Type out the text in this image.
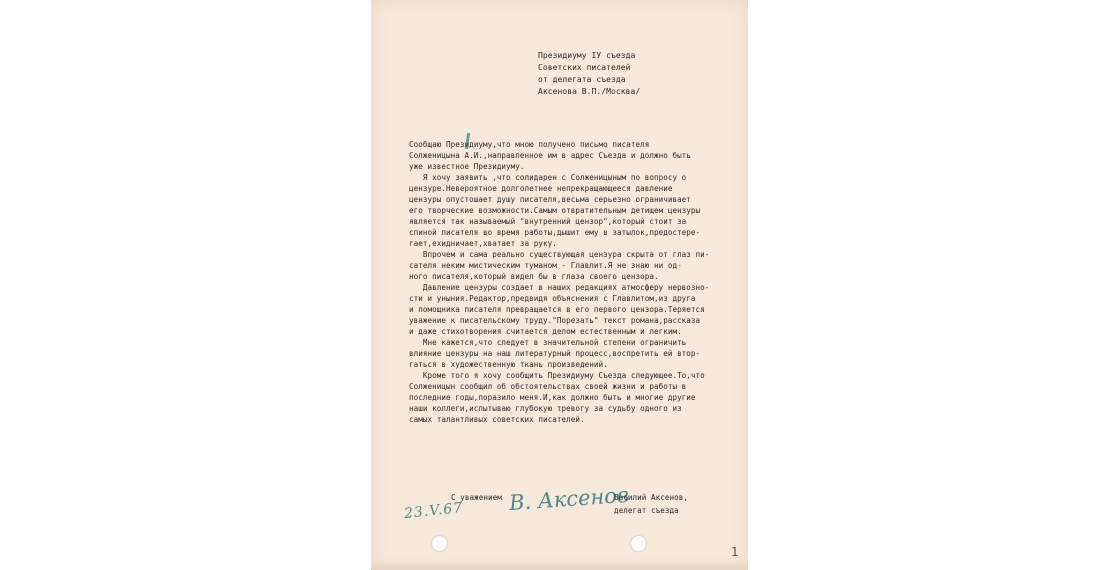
Президиуму IУ съезда
Советских писателей
от делегата съезда
Аксенова В.П./Москва/
Сообщаю Президиуму,что мною получено письмо писателя
Солженицына А.И.,направленное им в адрес Съезда и должно быть
уже известное Президиуму.
Я хочу заявить ,что солидарен с Солженицыным по вопросу о
цензуре.Невероятное долголетнее непрекращающееся давление
цензуры опустошает душу писателя,весьма серьезно ограничивает
его творческие возможности.Самым отвратительным детищем цензуры
является так называемый "внутренний цензор",который стоит за
спиной писателя во время работы,дышит ему в затылок,предостере-
гает,ехидничает,хватает за руку.
Впрочем и сама реально существующая цензура скрыта от глаз пи-
сателя неким мистическим туманом - Главлит.Я не знаю ни од-
ного писателя,который видел бы в глаза своего цензора.
Давление цензуры создает в наших редакциях атмосферу нервозно-
сти и уныния.Редактор,предвидя объяснения с Главлитом,из друга
и помощника писателя превращается в его первого цензора.Теряется
уважение к писательскому труду."Порезать" текст романа,рассказа
и даже стихотворения считается делом естественным и легким.
Мне кажется,что следует в значительной степени ограничить
влияние цензуры на наш литературный процесс,воспретить ей втор-
гаться в художественную ткань произведений.
Кроме того я хочу сообщить Президиуму Съезда следующее.То,что
Солженицын сообщил об обстоятельствах своей жизни и работы в
последние годы,поразило меня.И,как должно быть и многие другие
наши коллеги,испытываю глубокую тревогу за судьбу одного из
самых талантливых советских писателей.
С уважением В. Аксенов
Василий Аксенов,
делегат съезда
23.V.67
1
